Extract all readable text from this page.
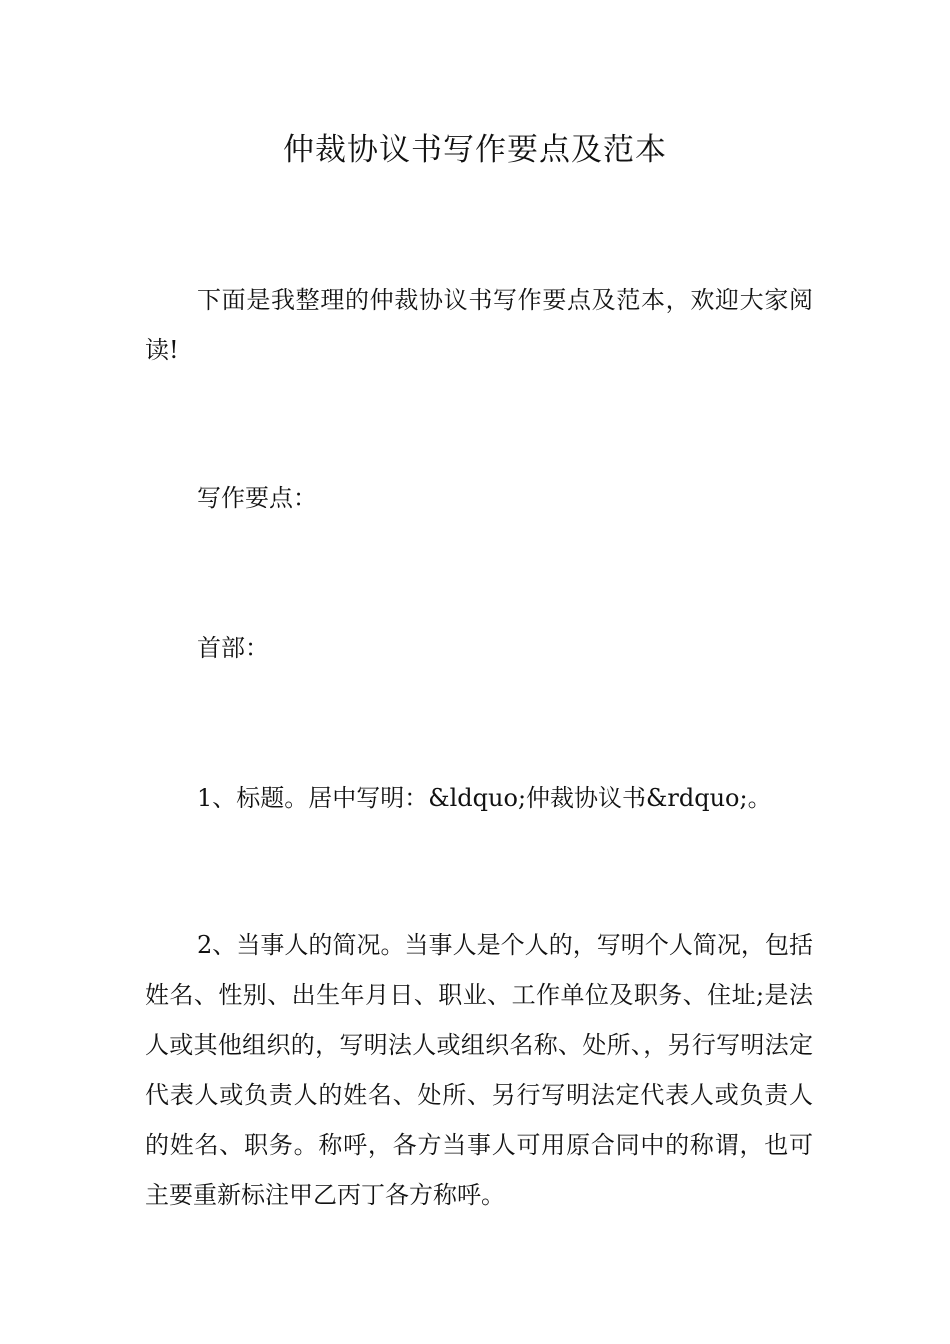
仲裁协议书写作要点及范本

下面是我整理的仲裁协议书写作要点及范本，欢迎大家阅读!

写作要点：

首部：

1、标题。居中写明：&ldquo;仲裁协议书&rdquo;。

2、当事人的简况。当事人是个人的，写明个人简况，包括姓名、性别、出生年月日、职业、工作单位及职务、住址;是法人或其他组织的，写明法人或组织名称、处所、，另行写明法定代表人或负责人的姓名、处所、另行写明法定代表人或负责人的姓名、职务。称呼，各方当事人可用原合同中的称谓，也可主要重新标注甲乙丙丁各方称呼。
